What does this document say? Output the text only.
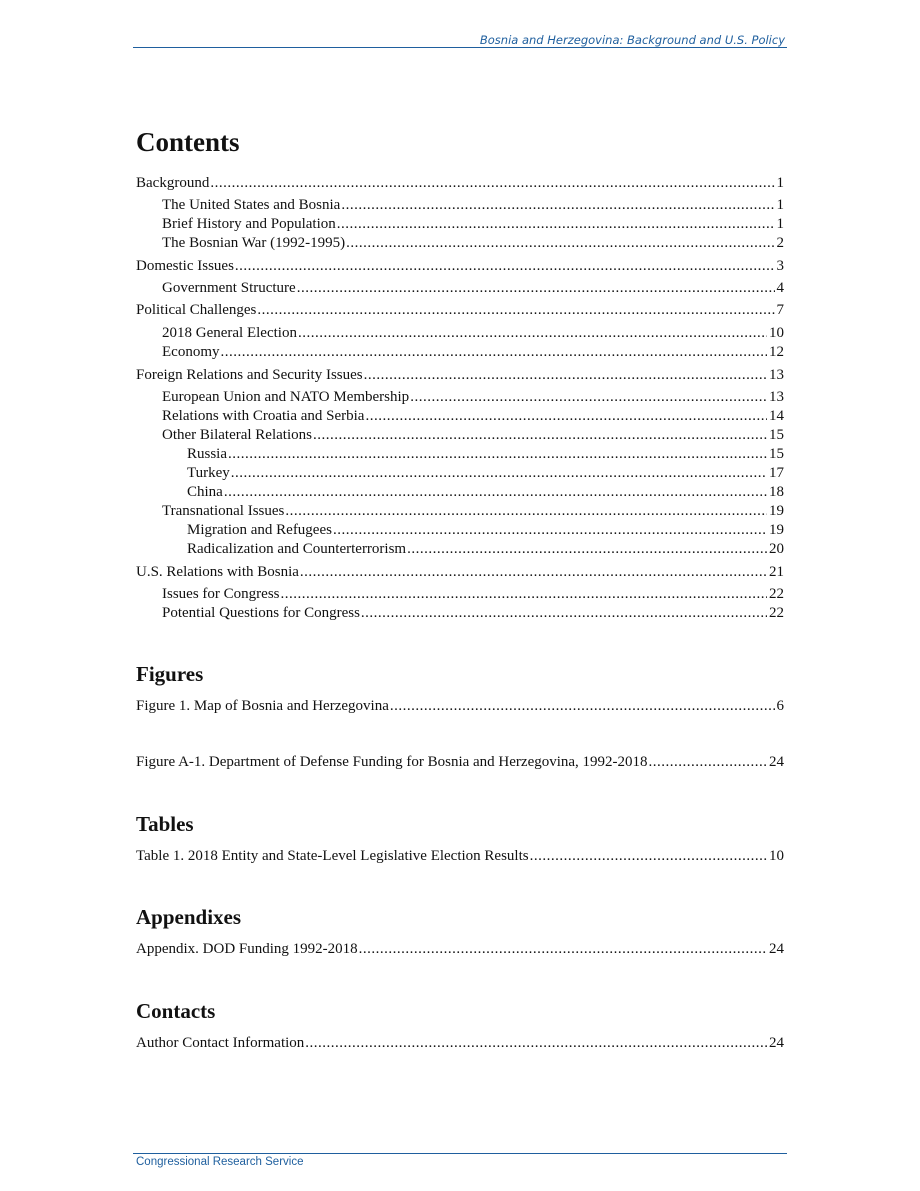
Bosnia and Herzegovina: Background and U.S. Policy
Contents
Background .....	1
The United States and Bosnia .....	1
Brief History and Population .....	1
The Bosnian War (1992-1995) .....	2
Domestic Issues .....	3
Government Structure .....	4
Political Challenges .....	7
2018 General Election .....	10
Economy .....	12
Foreign Relations and Security Issues .....	13
European Union and NATO Membership .....	13
Relations with Croatia and Serbia .....	14
Other Bilateral Relations .....	15
Russia .....	15
Turkey .....	17
China .....	18
Transnational Issues .....	19
Migration and Refugees .....	19
Radicalization and Counterterrorism .....	20
U.S. Relations with Bosnia .....	21
Issues for Congress .....	22
Potential Questions for Congress .....	22
Figures
Figure 1. Map of Bosnia and Herzegovina .....	6
Figure A-1. Department of Defense Funding for Bosnia and Herzegovina, 1992-2018 .....	24
Tables
Table 1. 2018 Entity and State-Level Legislative Election Results .....	10
Appendixes
Appendix. DOD Funding 1992-2018 .....	24
Contacts
Author Contact Information .....	24
Congressional Research Service
